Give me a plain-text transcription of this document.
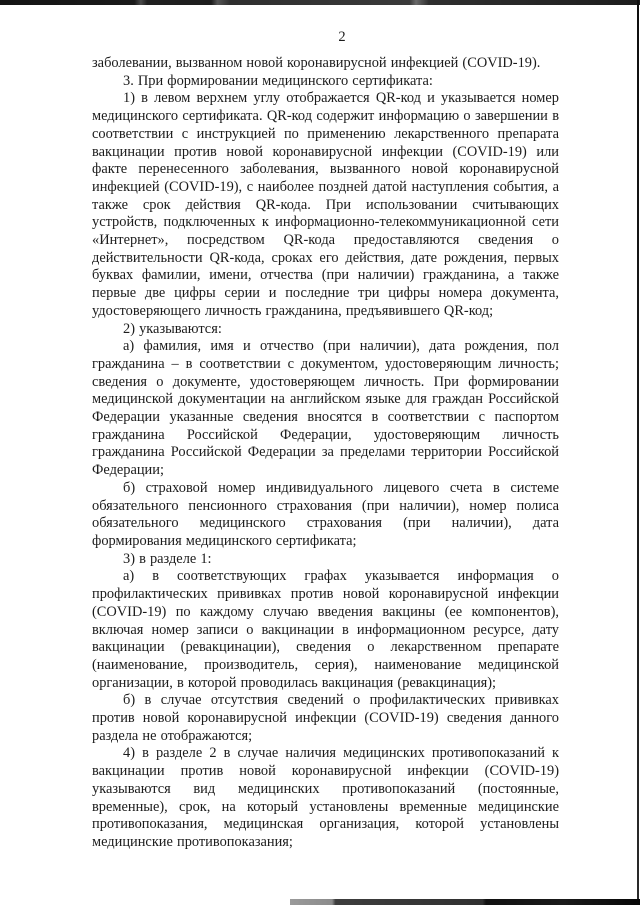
2

заболевании, вызванном новой коронавирусной инфекцией (COVID-19).

3. При формировании медицинского сертификата:

1) в левом верхнем углу отображается QR-код и указывается номер медицинского сертификата. QR-код содержит информацию о завершении в соответствии с инструкцией по применению лекарственного препарата вакцинации против новой коронавирусной инфекции (COVID-19) или факте перенесенного заболевания, вызванного новой коронавирусной инфекцией (COVID-19), с наиболее поздней датой наступления события, а также срок действия QR-кода. При использовании считывающих устройств, подключенных к информационно-телекоммуникационной сети «Интернет», посредством QR-кода предоставляются сведения о действительности QR-кода, сроках его действия, дате рождения, первых буквах фамилии, имени, отчества (при наличии) гражданина, а также первые две цифры серии и последние три цифры номера документа, удостоверяющего личность гражданина, предъявившего QR-код;

2) указываются:

а) фамилия, имя и отчество (при наличии), дата рождения, пол гражданина – в соответствии с документом, удостоверяющим личность; сведения о документе, удостоверяющем личность. При формировании медицинской документации на английском языке для граждан Российской Федерации указанные сведения вносятся в соответствии с паспортом гражданина Российской Федерации, удостоверяющим личность гражданина Российской Федерации за пределами территории Российской Федерации;

б) страховой номер индивидуального лицевого счета в системе обязательного пенсионного страхования (при наличии), номер полиса обязательного медицинского страхования (при наличии), дата формирования медицинского сертификата;

3) в разделе 1:

а) в соответствующих графах указывается информация о профилактических прививках против новой коронавирусной инфекции (COVID-19) по каждому случаю введения вакцины (ее компонентов), включая номер записи о вакцинации в информационном ресурсе, дату вакцинации (ревакцинации), сведения о лекарственном препарате (наименование, производитель, серия), наименование медицинской организации, в которой проводилась вакцинация (ревакцинация);

б) в случае отсутствия сведений о профилактических прививках против новой коронавирусной инфекции (COVID-19) сведения данного раздела не отображаются;

4) в разделе 2 в случае наличия медицинских противопоказаний к вакцинации против новой коронавирусной инфекции (COVID-19) указываются вид медицинских противопоказаний (постоянные, временные), срок, на который установлены временные медицинские противопоказания, медицинская организация, которой установлены медицинские противопоказания;
